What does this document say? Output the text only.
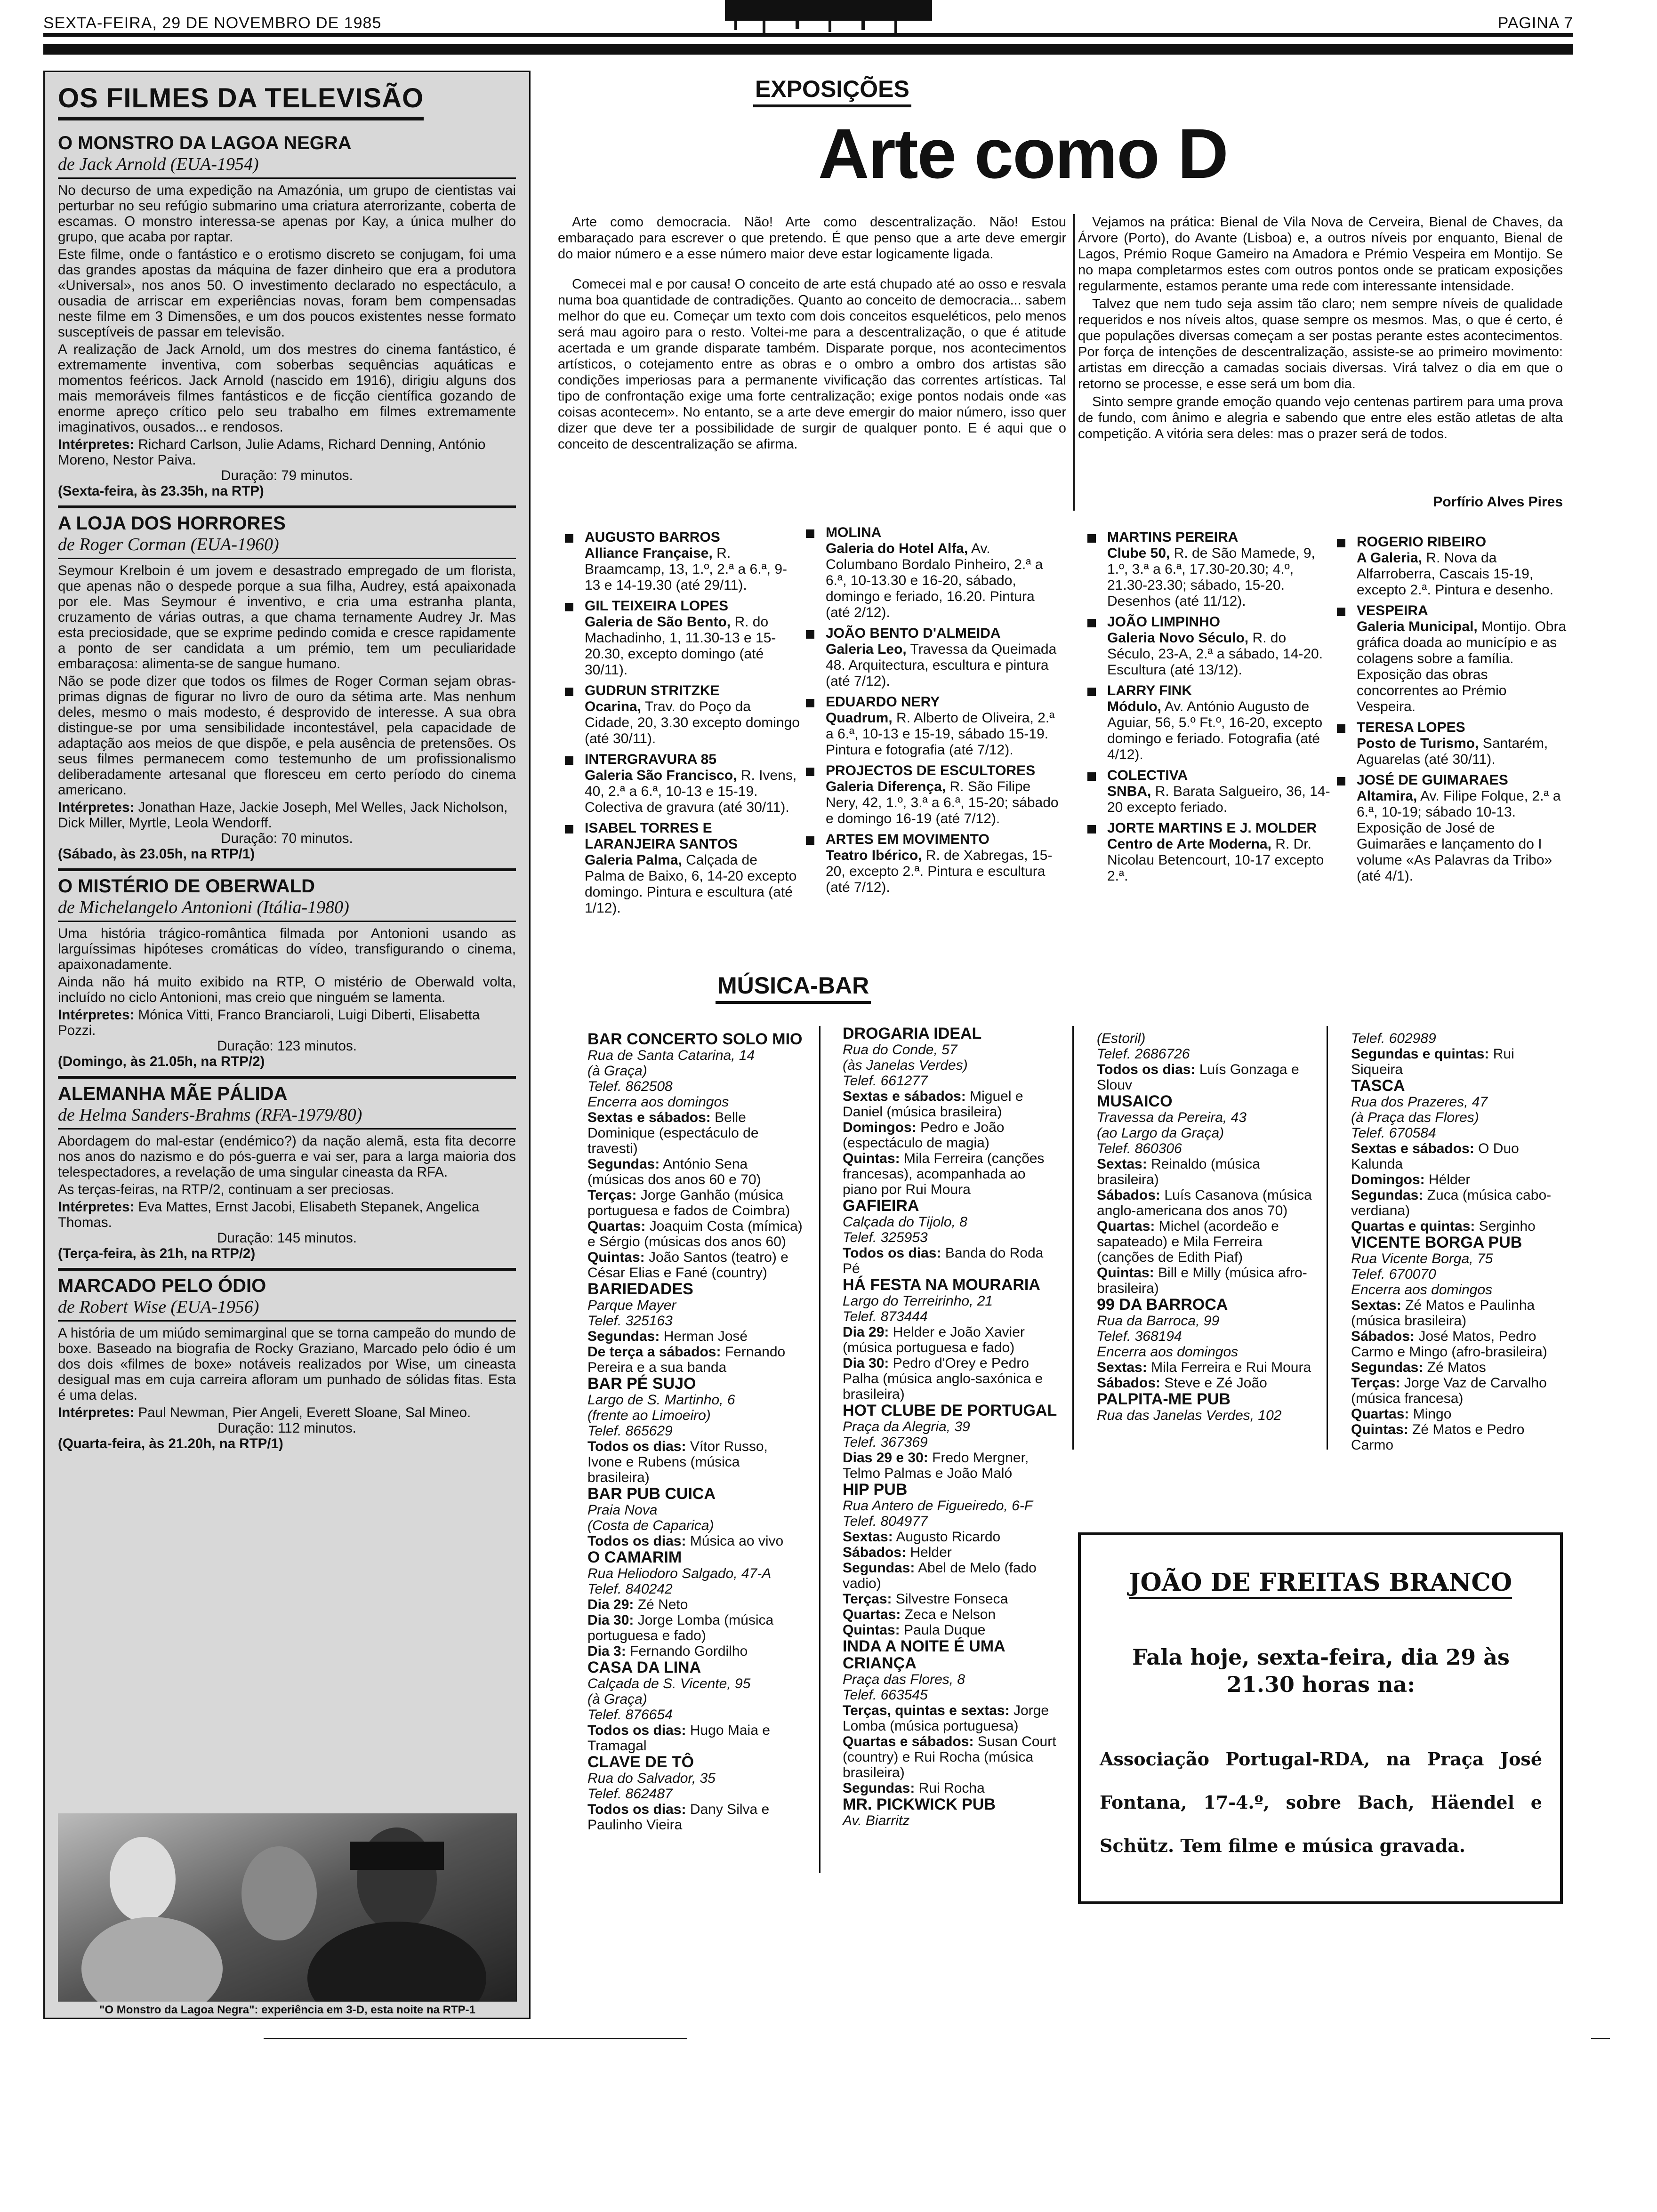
SEXTA-FEIRA, 29 DE NOVEMBRO DE 1985	PAGINA 7
OS FILMES DA TELEVISÃO
O MONSTRO DA LAGOA NEGRA
de Jack Arnold (EUA-1954)

No decurso de uma expedição na Amazónia, um grupo de cientistas vai perturbar no seu refúgio submarino uma criatura aterrorizante, coberta de escamas. O monstro interessa-se apenas por Kay, a única mulher do grupo, que acaba por raptar.

Este filme, onde o fantástico e o erotismo discreto se conjugam, foi uma das grandes apostas da máquina de fazer dinheiro que era a produtora «Universal», nos anos 50. O investimento declarado no espectáculo, a ousadia de arriscar em experiências novas, foram bem compensadas neste filme em 3 Dimensões, e um dos poucos existentes nesse formato susceptíveis de passar em televisão.

A realização de Jack Arnold, um dos mestres do cinema fantástico, é extremamente inventiva, com soberbas sequências aquáticas e momentos feéricos. Jack Arnold (nascido em 1916), dirigiu alguns dos mais memoráveis filmes fantásticos e de ficção científica gozando de enorme apreço crítico pelo seu trabalho em filmes extremamente imaginativos, ousados... e rendosos.

Intérpretes: Richard Carlson, Julie Adams, Richard Denning, António Moreno, Nestor Paiva.
Duração: 79 minutos.
(Sexta-feira, às 23.35h, na RTP)
A LOJA DOS HORRORES
de Roger Corman (EUA-1960)

Seymour Krelboin é um jovem e desastrado empregado de um florista, que apenas não o despede porque a sua filha, Audrey, está apaixonada por ele. Mas Seymour é inventivo, e cria uma estranha planta, cruzamento de várias outras, a que chama ternamente Audrey Jr. Mas esta preciosidade, que se exprime pedindo comida e cresce rapidamente a ponto de ser candidata a um prémio, tem um peculiaridade embaraçosa: alimenta-se de sangue humano.

Não se pode dizer que todos os filmes de Roger Corman sejam obras-primas dignas de figurar no livro de ouro da sétima arte. Mas nenhum deles, mesmo o mais modesto, é desprovido de interesse. A sua obra distingue-se por uma sensibilidade incontestável, pela capacidade de adaptação aos meios de que dispõe, e pela ausência de pretensões. Os seus filmes permanecem como testemunho de um profissionalismo deliberadamente artesanal que floresceu em certo período do cinema americano.

Intérpretes: Jonathan Haze, Jackie Joseph, Mel Welles, Jack Nicholson, Dick Miller, Myrtle, Leola Wendorff.
Duração: 70 minutos.
(Sábado, às 23.05h, na RTP/1)
O MISTÉRIO DE OBERWALD
de Michelangelo Antonioni (Itália-1980)

Uma história trágico-romântica filmada por Antonioni usando as larguíssimas hipóteses cromáticas do vídeo, transfigurando o cinema, apaixonadamente.

Ainda não há muito exibido na RTP, O mistério de Oberwald volta, incluído no ciclo Antonioni, mas creio que ninguém se lamenta.

Intérpretes: Mónica Vitti, Franco Branciaroli, Luigi Diberti, Elisabetta Pozzi.
Duração: 123 minutos.
(Domingo, às 21.05h, na RTP/2)
ALEMANHA MÃE PÁLIDA
de Helma Sanders-Brahms (RFA-1979/80)

Abordagem do mal-estar (endémico?) da nação alemã, esta fita decorre nos anos do nazismo e do pós-guerra e vai ser, para a larga maioria dos telespectadores, a revelação de uma singular cineasta da RFA.

As terças-feiras, na RTP/2, continuam a ser preciosas.

Intérpretes: Eva Mattes, Ernst Jacobi, Elisabeth Stepanek, Angelica Thomas.
Duração: 145 minutos.
(Terça-feira, às 21h, na RTP/2)
MARCADO PELO ÓDIO
de Robert Wise (EUA-1956)

A história de um miúdo semimarginal que se torna campeão do mundo de boxe. Baseado na biografia de Rocky Graziano, Marcado pelo ódio é um dos dois «filmes de boxe» notáveis realizados por Wise, um cineasta desigual mas em cuja carreira afloram um punhado de sólidas fitas. Esta é uma delas.

Intérpretes: Paul Newman, Pier Angeli, Everett Sloane, Sal Mineo.
Duração: 112 minutos.
(Quarta-feira, às 21.20h, na RTP/1)
"O Monstro da Lagoa Negra": experiência em 3-D, esta noite na RTP-1
EXPOSIÇÕES
Arte como D

Arte como democracia. Não! Arte como descentralização. Não! Estou embaraçado para escrever o que pretendo. É que penso que a arte deve emergir do maior número e a esse número maior deve estar logicamente ligada.

Comecei mal e por causa! O conceito de arte está chupado até ao osso e resvala numa boa quantidade de contradições. Quanto ao conceito de democracia... sabem melhor do que eu. Começar um texto com dois conceitos esqueléticos, pelo menos será mau agoiro para o resto. Voltei-me para a descentralização, o que é atitude acertada e um grande disparate também. Disparate porque, nos acontecimentos artísticos, o cotejamento entre as obras e o ombro a ombro dos artistas são condições imperiosas para a permanente vivificação das correntes artísticas. Tal tipo de confrontação exige uma forte centralização; exige pontos nodais onde «as coisas acontecem». No entanto, se a arte deve emergir do maior número, isso quer dizer que deve ter a possibilidade de surgir de qualquer ponto. E é aqui que o conceito de descentralização se afirma.

Vejamos na prática: Bienal de Vila Nova de Cerveira, Bienal de Chaves, da Árvore (Porto), do Avante (Lisboa) e, a outros níveis por enquanto, Bienal de Lagos, Prémio Roque Gameiro na Amadora e Prémio Vespeira em Montijo. Se no mapa completarmos estes com outros pontos onde se praticam exposições regularmente, estamos perante uma rede com interessante intensidade.

Talvez que nem tudo seja assim tão claro; nem sempre níveis de qualidade requeridos e nos níveis altos, quase sempre os mesmos. Mas, o que é certo, é que populações diversas começam a ser postas perante estes acontecimentos. Por força de intenções de descentralização, assiste-se ao primeiro movimento: artistas em direcção a camadas sociais diversas. Virá talvez o dia em que o retorno se processe, e esse será um bom dia.

Sinto sempre grande emoção quando vejo centenas partirem para uma prova de fundo, com ânimo e alegria e sabendo que entre eles estão atletas de alta competição. A vitória sera deles: mas o prazer será de todos.

Porfírio Alves Pires
AUGUSTO BARROS
Alliance Française, R. Braamcamp, 13, 1.º, 2.ª a 6.ª, 9-13 e 14-19.30 (até 29/11).
GIL TEIXEIRA LOPES
Galeria de São Bento, R. do Machadinho, 1, 11.30-13 e 15-20.30, excepto domingo (até 30/11).
GUDRUN STRITZKE
Ocarina, Trav. do Poço da Cidade, 20, 3.30 excepto domingo (até 30/11).
INTERGRAVURA 85
Galeria São Francisco, R. Ivens, 40, 2.ª a 6.ª, 10-13 e 15-19. Colectiva de gravura (até 30/11).
ISABEL TORRES E LARANJEIRA SANTOS
Galeria Palma, Calçada de Palma de Baixo, 6, 14-20 excepto domingo. Pintura e escultura (até 1/12).
MOLINA
Galeria do Hotel Alfa, Av. Columbano Bordalo Pinheiro, 2.ª a 6.ª, 10-13.30 e 16-20, sábado, domingo e feriado, 16.20. Pintura (até 2/12).
JOÃO BENTO D'ALMEIDA
Galeria Leo, Travessa da Queimada 48. Arquitectura, escultura e pintura (até 7/12).
EDUARDO NERY
Quadrum, R. Alberto de Oliveira, 2.ª a 6.ª, 10-13 e 15-19, sábado 15-19. Pintura e fotografia (até 7/12).
PROJECTOS DE ESCULTORES
Galeria Diferença, R. São Filipe Nery, 42, 1.º, 3.ª a 6.ª, 15-20; sábado e domingo 16-19 (até 7/12).
ARTES EM MOVIMENTO
Teatro Ibérico, R. de Xabregas, 15-20, excepto 2.ª. Pintura e escultura (até 7/12).
MARTINS PEREIRA
Clube 50, R. de São Mamede, 9, 1.º, 3.ª a 6.ª, 17.30-20.30; 4.º, 21.30-23.30; sábado, 15-20. Desenhos (até 11/12).
JOÃO LIMPINHO
Galeria Novo Século, R. do Século, 23-A, 2.ª a sábado, 14-20. Escultura (até 13/12).
LARRY FINK
Módulo, Av. António Augusto de Aguiar, 56, 5.º Ft.º, 16-20, excepto domingo e feriado. Fotografia (até 4/12).
COLECTIVA
SNBA, R. Barata Salgueiro, 36, 14-20 excepto feriado.
JORTE MARTINS E J. MOLDER
Centro de Arte Moderna, R. Dr. Nicolau Betencourt, 10-17 excepto 2.ª.
ROGERIO RIBEIRO
A Galeria, R. Nova da Alfarroberra, Cascais 15-19, excepto 2.ª. Pintura e desenho.
VESPEIRA
Galeria Municipal, Montijo. Obra gráfica doada ao município e as colagens sobre a família. Exposição das obras concorrentes ao Prémio Vespeira.
TERESA LOPES
Posto de Turismo, Santarém, Aguarelas (até 30/11).
JOSÉ DE GUIMARAES
Altamira, Av. Filipe Folque, 2.ª a 6.ª, 10-19; sábado 10-13. Exposição de José de Guimarães e lançamento do I volume «As Palavras da Tribo» (até 4/1).
MÚSICA-BAR
BAR CONCERTO SOLO MIO
Rua de Santa Catarina, 14
(à Graça)
Telef. 862508
Encerra aos domingos
Sextas e sábados: Belle Dominique (espectáculo de travesti)
Segundas: António Sena (músicas dos anos 60 e 70)
Terças: Jorge Ganhão (música portuguesa e fados de Coimbra)
Quartas: Joaquim Costa (mímica) e Sérgio (músicas dos anos 60)
Quintas: João Santos (teatro) e César Elias e Fané (country)
BARIEDADES
Parque Mayer
Telef. 325163
Segundas: Herman José
De terça a sábados: Fernando Pereira e a sua banda
BAR PÉ SUJO
Largo de S. Martinho, 6
(frente ao Limoeiro)
Telef. 865629
Todos os dias: Vítor Russo, Ivone e Rubens (música brasileira)
BAR PUB CUICA
Praia Nova
(Costa de Caparica)
Todos os dias: Música ao vivo
O CAMARIM
Rua Heliodoro Salgado, 47-A
Telef. 840242
Dia 29: Zé Neto
Dia 30: Jorge Lomba (música portuguesa e fado)
Dia 3: Fernando Gordilho
CASA DA LINA
Calçada de S. Vicente, 95
(à Graça)
Telef. 876654
Todos os dias: Hugo Maia e Tramagal
CLAVE DE TÔ
Rua do Salvador, 35
Telef. 862487
Todos os dias: Dany Silva e Paulinho Vieira
DROGARIA IDEAL
Rua do Conde, 57
(às Janelas Verdes)
Telef. 661277
Sextas e sábados: Miguel e Daniel (música brasileira)
Domingos: Pedro e João (espectáculo de magia)
Quintas: Mila Ferreira (canções francesas), acompanhada ao piano por Rui Moura
GAFIEIRA
Calçada do Tijolo, 8
Telef. 325953
Todos os dias: Banda do Roda Pé
HÁ FESTA NA MOURARIA
Largo do Terreirinho, 21
Telef. 873444
Dia 29: Helder e João Xavier (música portuguesa e fado)
Dia 30: Pedro d'Orey e Pedro Palha (música anglo-saxónica e brasileira)
HOT CLUBE DE PORTUGAL
Praça da Alegria, 39
Telef. 367369
Dias 29 e 30: Fredo Mergner, Telmo Palmas e João Maló
HIP PUB
Rua Antero de Figueiredo, 6-F
Telef. 804977
Sextas: Augusto Ricardo
Sábados: Helder
Segundas: Abel de Melo (fado vadio)
Terças: Silvestre Fonseca
Quartas: Zeca e Nelson
Quintas: Paula Duque
INDA A NOITE É UMA CRIANÇA
Praça das Flores, 8
Telef. 663545
Terças, quintas e sextas: Jorge Lomba (música portuguesa)
Quartas e sábados: Susan Court (country) e Rui Rocha (música brasileira)
Segundas: Rui Rocha
MR. PICKWICK PUB
Av. Biarritz
(Estoril)
Telef. 2686726
Todos os dias: Luís Gonzaga e Slouv
MUSAICO
Travessa da Pereira, 43
(ao Largo da Graça)
Telef. 860306
Sextas: Reinaldo (música brasileira)
Sábados: Luís Casanova (música anglo-americana dos anos 70)
Quartas: Michel (acordeão e sapateado) e Mila Ferreira (canções de Edith Piaf)
Quintas: Bill e Milly (música afro-brasileira)
99 DA BARROCA
Rua da Barroca, 99
Telef. 368194
Encerra aos domingos
Sextas: Mila Ferreira e Rui Moura
Sábados: Steve e Zé João
PALPITA-ME PUB
Rua das Janelas Verdes, 102
Telef. 602989
Segundas e quintas: Rui Siqueira
TASCA
Rua dos Prazeres, 47
(à Praça das Flores)
Telef. 670584
Sextas e sábados: O Duo Kalunda
Domingos: Hélder
Segundas: Zuca (música cabo-verdiana)
Quartas e quintas: Serginho
VICENTE BORGA PUB
Rua Vicente Borga, 75
Telef. 670070
Encerra aos domingos
Sextas: Zé Matos e Paulinha (música brasileira)
Sábados: José Matos, Pedro Carmo e Mingo (afro-brasileira)
Segundas: Zé Matos
Terças: Jorge Vaz de Carvalho (música francesa)
Quartas: Mingo
Quintas: Zé Matos e Pedro Carmo
JOÃO DE FREITAS BRANCO
Fala hoje, sexta-feira, dia 29 às 21.30 horas na:
Associação Portugal-RDA, na Praça José Fontana, 17-4.º, sobre Bach, Häendel e Schütz. Tem filme e música gravada.
